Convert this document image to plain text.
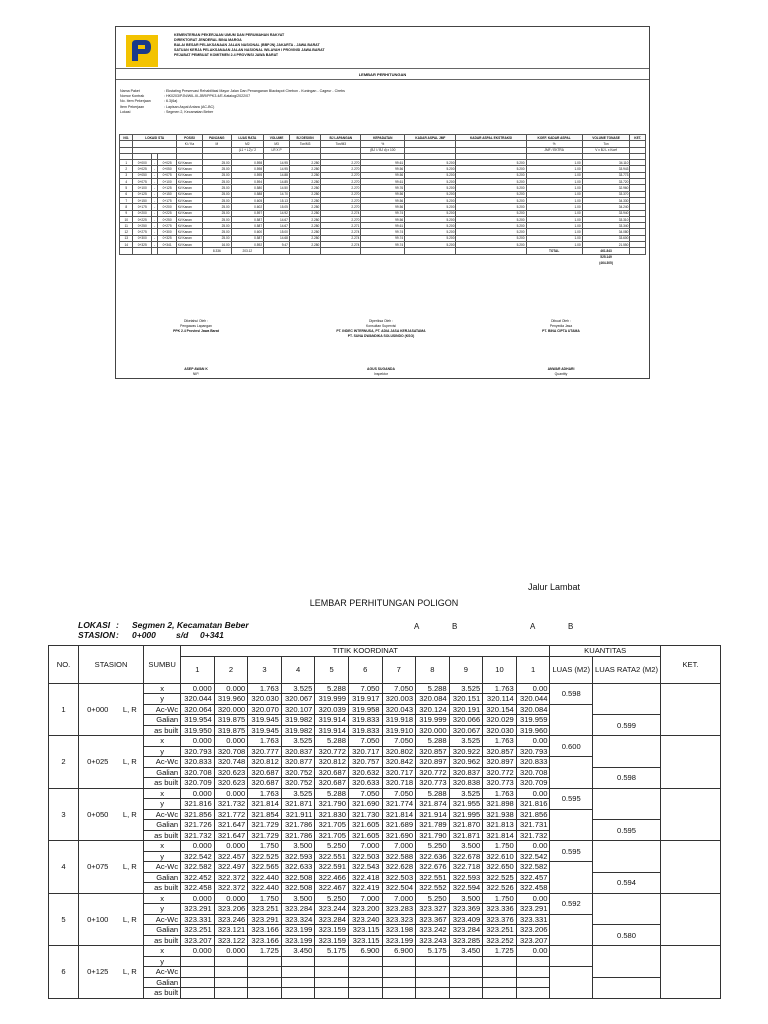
KEMENTERIAN PEKERJAAN UMUM DAN PERUMAHAN RAKYAT
DIREKTORAT JENDERAL BINA MARGA
BALAI BESAR PELAKSANAAN JALAN NASIONAL (BBPJN) JAKARTA - JAWA BARAT
SATUAN KERJA PELAKSANAAN JALAN NASIONAL WILAYAH I PROVINSI JAWA BARAT
PEJABAT PEMBUAT KOMITMEN 2.4 PROVINSI JAWA BARAT
LEMBAR PERHITUNGAN
Nama Paket	: Ekstating Preservasi Rehabilitasi Mayor Jalan Dan Penanganan Blackspot Cirebon - Kuningan - Cageur - Cirebs
Nomor Kontrak	: HK0203/PJN/WIL.III-JBR/PPK3.4/E-Katalog/2022/07
No. Item Pekerjaan	: 6.3(6a)
Item Pekerjaan	: Lapisan Aspal Antara (AC-BC)
Lokasi	: Segmen 2, Kecamatan Beber
NO.	LOKASI STA			POSISI	PANJANG	LUAS RATA	VOLUME	BJ DESIGN	BJ LAPANGAN	KEPADATAN	KADAR ASPAL JMF	KADAR ASPAL EKSTRAKSI	KOEF. KADAR ASPAL	VOLUME TONASE	KET.
				Ki / Ka	M	M2	M3	Ton/M3	Ton/M3	%			%	Ton	
						(L1 + L2) / 2	LR X P			(BJ l / BJ d) x 100			JMF / EKTRA	V x BJ L x Koef	

1	0+000	-	0+025	Ki/ Kanan	25.00	0.598	14.95	2.280	2.270	99.61	5.200	5.200	1.00	34.110	
2	0+025	-	0+050	Ki/ Kanan	25.00	0.598	14.95	2.280	2.270	99.56	5.200	5.200	1.00	33.943	
3	0+050	-	0+075	Ki/ Kanan	25.00	0.595	14.88	2.280	2.270	99.56	5.200	5.200	1.00	33.773	
4	0+075	-	0+100	Ki/ Kanan	25.00	0.594	14.85	2.280	2.270	99.61	5.200	5.200	1.00	33.720	
5	0+100	-	0+125	Ki/ Kanan	25.00	0.580	14.50	2.280	2.270	99.76	5.200	5.200	1.00	32.960	
6	0+125	-	0+150	Ki/ Kanan	25.00	0.588	14.70	2.280	2.270	99.56	5.200	5.200	1.00	33.370	
7	0+150	-	0+175	Ki/ Kanan	25.00	0.605	15.13	2.280	2.270	99.56	5.200	5.200	1.00	34.330	
8	0+175	-	0+200	Ki/ Kanan	25.00	0.602	15.05	2.280	2.270	99.56	5.200	5.200	1.00	34.240	
9	0+200	-	0+225	Ki/ Kanan	25.00	0.597	14.92	2.280	2.274	99.74	5.200	5.200	1.00	33.940	
10	0+225	-	0+250	Ki/ Kanan	25.00	0.587	14.67	2.280	2.270	99.56	5.200	5.200	1.00	33.310	
11	0+250	-	0+275	Ki/ Kanan	25.00	0.587	14.67	2.280	2.271	99.61	5.200	5.200	1.00	33.340	
12	0+275	-	0+300	Ki/ Kanan	25.00	0.600	15.00	2.280	2.274	99.74	5.200	5.200	1.00	34.080	
13	0+300	-	0+325	Ki/ Kanan	25.00	0.587	14.68	2.280	2.274	99.74	5.200	5.200	1.00	33.600	
14	0+325	-	0+341	Ki/ Kanan	16.00	0.592	9.47	2.280	2.274	99.74	5.200	5.200	1.00	21.550	
					8.336	203.12							TOTAL	461.843	
														525.149	
														(464.305)	
Diketahui Oleh :
Pengawas Lapangan
PPK 2.4 Provinsi Jawa Barat
Diperiksa Oleh :
Konsultan Supervisi
PT. INDEC INTERNUSA, PT. ADIA JASA KERJASATAMA
PT. SUNA DWANDIKA SOLUSINDO (KSO)
Dibuat Oleh :
Penyedia Jasa
PT. BINA CIPTA UTAMA
ASEP AWAN K
NIP.
AGUS SUGANDA
Inspektor
ANWAR ADHARI
Quantity
Jalur Lambat
LEMBAR PERHITUNGAN POLIGON
LOKASI : Segmen 2, Kecamatan Beber
STASION: 0+000 s/d 0+341
A	B	A	B
NO.	STASION		SUMBU	TITIK KOORDINAT											KUANTITAS		KET.
				1	2	3	4	5	6	7	8	9	10	1	LUAS (M2)	LUAS RATA2 (M2)	
1	0+000	L, R	x	0.000	0.000	1.763	3.525	5.288	7.050	7.050	5.288	3.525	1.763	0.00	0.598		
			y	320.044	319.960	320.030	320.067	319.999	319.917	320.003	320.084	320.151	320.114	320.044			
			Ac-Wc	320.064	320.000	320.070	320.107	320.039	319.958	320.043	320.124	320.191	320.154	320.084			
			Galian	319.954	319.875	319.945	319.982	319.914	319.833	319.918	319.999	320.066	320.029	319.959		0.599	
			as built	319.950	319.875	319.945	319.982	319.914	319.833	319.910	320.000	320.067	320.030	319.960			
2	0+025	L, R	x	0.000	0.000	1.763	3.525	5.288	7.050	7.050	5.288	3.525	1.763	0.00	0.600		
			y	320.793	320.708	320.777	320.837	320.772	320.717	320.802	320.857	320.922	320.857	320.793			
			Ac-Wc	320.833	320.748	320.812	320.877	320.812	320.757	320.842	320.897	320.962	320.897	320.833			
			Galian	320.708	320.623	320.687	320.752	320.687	320.632	320.717	320.772	320.837	320.772	320.708		0.598	
			as built	320.709	320.623	320.687	320.752	320.687	320.633	320.718	320.773	320.838	320.773	320.709			
3	0+050	L, R	x	0.000	0.000	1.763	3.525	5.288	7.050	7.050	5.288	3.525	1.763	0.00	0.595		
			y	321.816	321.732	321.814	321.871	321.790	321.690	321.774	321.874	321.955	321.898	321.816			
			Ac-Wc	321.856	321.772	321.854	321.911	321.830	321.730	321.814	321.914	321.995	321.938	321.856			
			Galian	321.726	321.647	321.729	321.786	321.705	321.605	321.689	321.789	321.870	321.813	321.731		0.595	
			as built	321.732	321.647	321.729	321.786	321.705	321.605	321.690	321.790	321.871	321.814	321.732			
4	0+075	L, R	x	0.000	0.000	1.750	3.500	5.250	7.000	7.000	5.250	3.500	1.750	0.00	0.595		
			y	322.542	322.457	322.525	322.593	322.551	322.503	322.588	322.636	322.678	322.610	322.542			
			Ac-Wc	322.582	322.497	322.565	322.633	322.591	322.543	322.628	322.676	322.718	322.650	322.582			
			Galian	322.452	322.372	322.440	322.508	322.466	322.418	322.503	322.551	322.593	322.525	322.457		0.594	
			as built	322.458	322.372	322.440	322.508	322.467	322.419	322.504	322.552	322.594	322.526	322.458			
5	0+100	L, R	x	0.000	0.000	1.750	3.500	5.250	7.000	7.000	5.250	3.500	1.750	0.00	0.592		
			y	323.291	323.206	323.251	323.284	323.244	323.200	323.283	323.327	323.369	323.336	323.291			
			Ac-Wc	323.331	323.246	323.291	323.324	323.284	323.240	323.323	323.367	323.409	323.376	323.331			
			Galian	323.251	323.121	323.166	323.199	323.159	323.115	323.198	323.242	323.284	323.251	323.206		0.580	
			as built	323.207	323.122	323.166	323.199	323.159	323.115	323.199	323.243	323.285	323.252	323.207			
6	0+125	L, R	x	0.000	0.000	1.725	3.450	5.175	6.900	6.900	5.175	3.450	1.725	0.00			
			y														
			Ac-Wc														
			Galian														
			as built														
